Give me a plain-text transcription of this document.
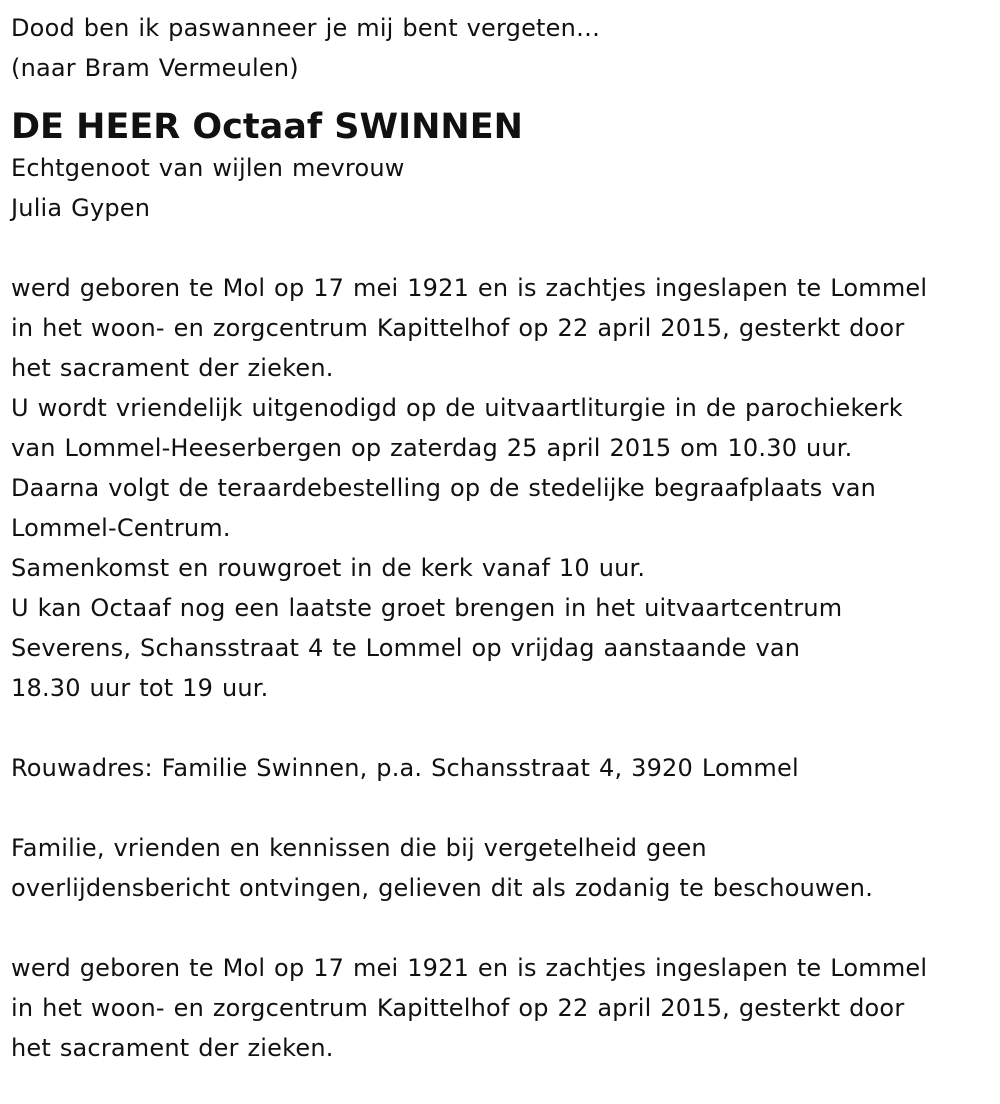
Dood ben ik paswanneer je mij bent vergeten…
(naar Bram Vermeulen)
DE HEER Octaaf SWINNEN
Echtgenoot van wijlen mevrouw
Julia Gypen
werd geboren te Mol op 17 mei 1921 en is zachtjes ingeslapen te Lommel
in het woon- en zorgcentrum Kapittelhof op 22 april 2015, gesterkt door
het sacrament der zieken.
U wordt vriendelijk uitgenodigd op de uitvaartliturgie in de parochiekerk
van Lommel-Heeserbergen op zaterdag 25 april 2015 om 10.30 uur.
Daarna volgt de teraardebestelling op de stedelijke begraafplaats van
Lommel-Centrum.
Samenkomst en rouwgroet in de kerk vanaf 10 uur.
U kan Octaaf nog een laatste groet brengen in het uitvaartcentrum
Severens, Schansstraat 4 te Lommel op vrijdag aanstaande van
18.30 uur tot 19 uur.
Rouwadres: Familie Swinnen, p.a. Schansstraat 4, 3920 Lommel
Familie, vrienden en kennissen die bij vergetelheid geen
overlijdensbericht ontvingen, gelieven dit als zodanig te beschouwen.
werd geboren te Mol op 17 mei 1921 en is zachtjes ingeslapen te Lommel
in het woon- en zorgcentrum Kapittelhof op 22 april 2015, gesterkt door
het sacrament der zieken.
